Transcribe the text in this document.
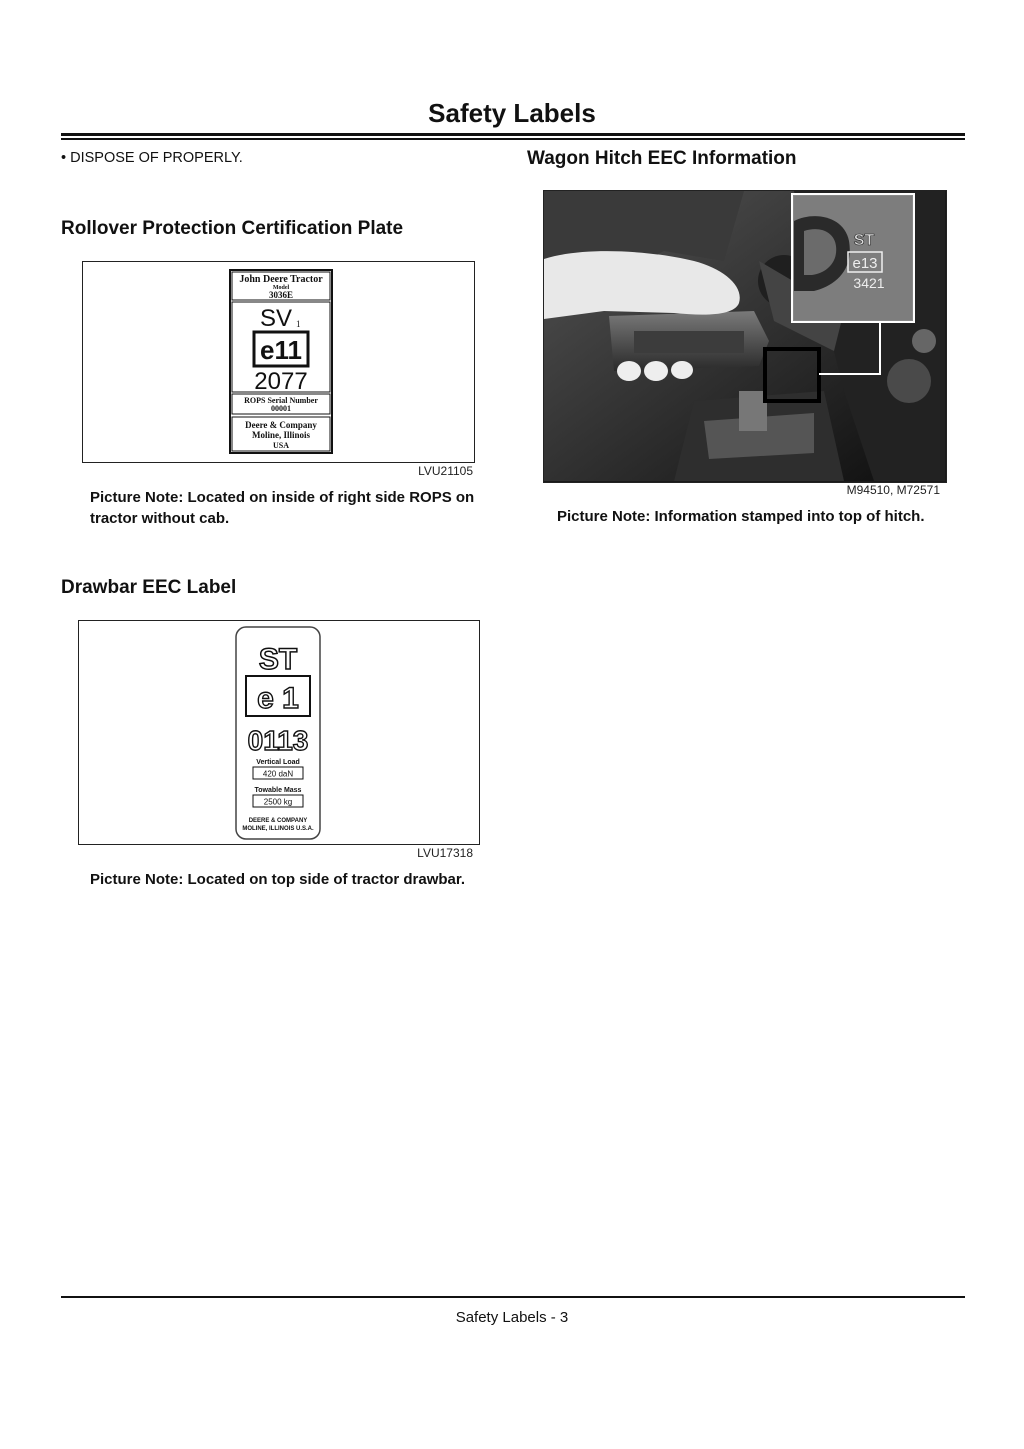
Safety Labels
• DISPOSE OF PROPERLY.
Rollover Protection Certification Plate
John Deere Tractor
Model
3036E
SV 1
e11
2077
ROPS Serial Number
00001
Deere & Company
Moline, Illinois
USA
LVU21105
Picture Note: Located on inside of right side ROPS on tractor without cab.
Drawbar EEC Label
ST
e 1
0113
Vertical Load
420 daN
Towable Mass
2500 kg
DEERE & COMPANY
MOLINE, ILLINOIS U.S.A.
LVU17318
Picture Note: Located on top side of tractor drawbar.
Wagon Hitch EEC Information
ST
e13
3421
M94510, M72571
Picture Note: Information stamped into top of hitch.
Safety Labels - 3
